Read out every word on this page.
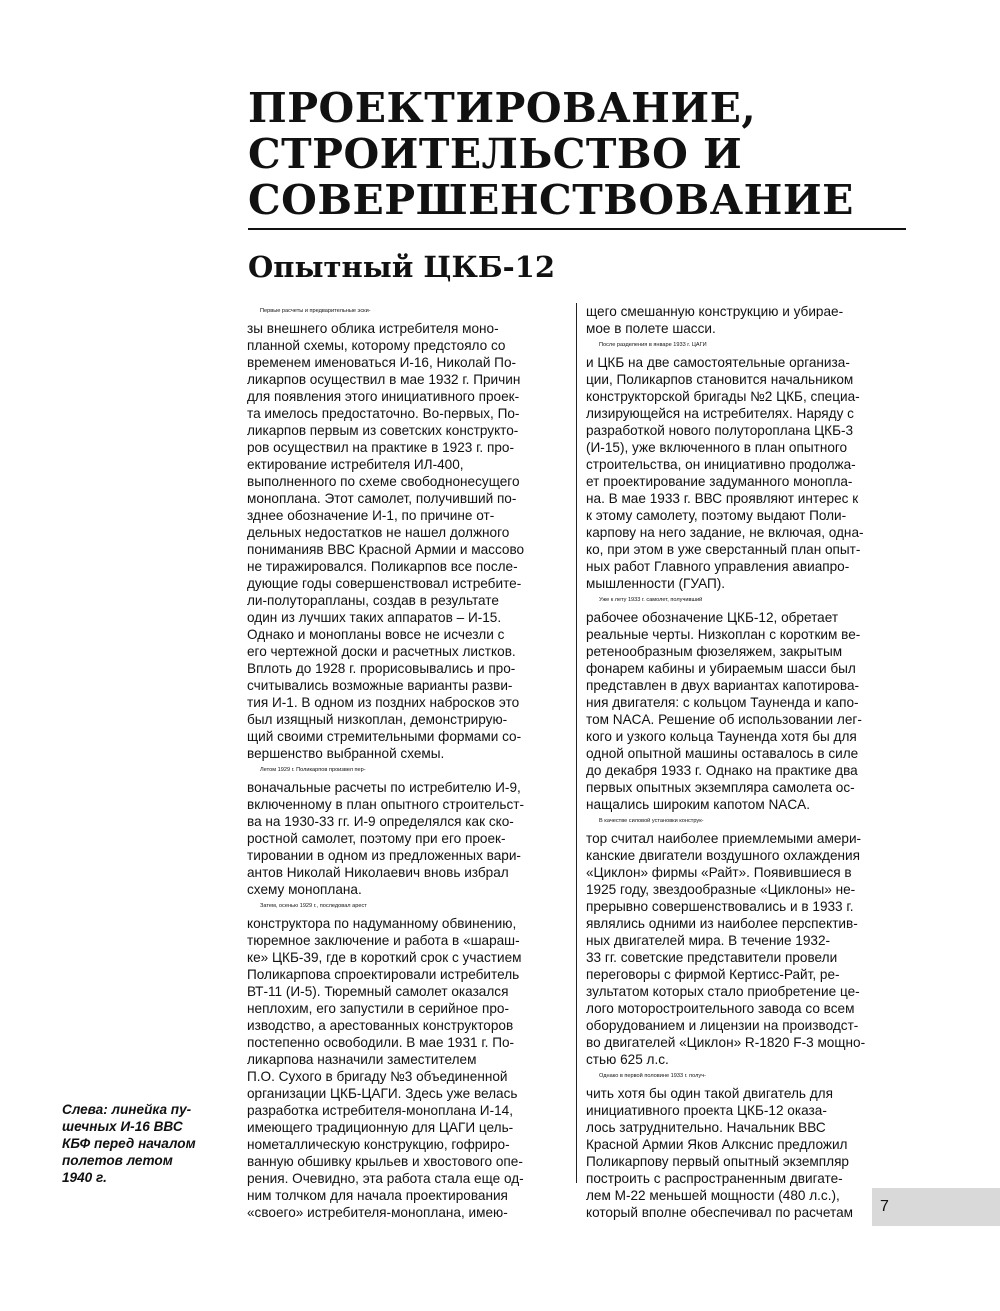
ПРОЕКТИРОВАНИЕ,
СТРОИТЕЛЬСТВО И
СОВЕРШЕНСТВОВАНИЕ
Опытный ЦКБ-12
Первые расчеты и предварительные эски-
зы внешнего облика истребителя моно-
планной схемы, которому предстояло со
временем именоваться И-16, Николай По-
ликарпов осуществил в мае 1932 г. Причин
для появления этого инициативного проек-
та имелось предостаточно. Во-первых, По-
ликарпов первым из советских конструкто-
ров осуществил на практике в 1923 г. про-
ектирование истребителя ИЛ-400,
выполненного по схеме свободнонесущего
моноплана. Этот самолет, получивший по-
зднее обозначение И-1, по причине от-
дельных недостатков не нашел должного
пониманияв ВВС Красной Армии и массово
не тиражировался. Поликарпов все после-
дующие годы совершенствовал истребите-
ли-полуторапланы, создав в результате
один из лучших таких аппаратов – И-15.
Однако и монопланы вовсе не исчезли с
его чертежной доски и расчетных листков.
Вплоть до 1928 г. прорисовывались и про-
считывались возможные варианты разви-
тия И-1. В одном из поздних набросков это
был изящный низкоплан, демонстрирую-
щий своими стремительными формами со-
вершенство выбранной схемы.
Летом 1929 г. Поликарпов произвел пер-
воначальные расчеты по истребителю И-9,
включенному в план опытного строительст-
ва на 1930-33 гг. И-9 определялся как ско-
ростной самолет, поэтому при его проек-
тировании в одном из предложенных вари-
антов Николай Николаевич вновь избрал
схему моноплана.
Затем, осенью 1929 г., последовал арест
конструктора по надуманному обвинению,
тюремное заключение и работа в «шараш-
ке» ЦКБ-39, где в короткий срок с участием
Поликарпова спроектировали истребитель
ВТ-11 (И-5). Тюремный самолет оказался
неплохим, его запустили в серийное про-
изводство, а арестованных конструкторов
постепенно освободили. В мае 1931 г. По-
ликарпова назначили заместителем
П.О. Сухого в бригаду №3 объединенной
организации ЦКБ-ЦАГИ. Здесь уже велась
разработка истребителя-моноплана И-14,
имеющего традиционную для ЦАГИ цель-
нометаллическую конструкцию, гофриро-
ванную обшивку крыльев и хвостового опе-
рения. Очевидно, эта работа стала еще од-
ним толчком для начала проектирования
«своего» истребителя-моноплана, имею-
щего смешанную конструкцию и убирае-
мое в полете шасси.
После разделения в январе 1933 г. ЦАГИ
и ЦКБ на две самостоятельные организа-
ции, Поликарпов становится начальником
конструкторской бригады №2 ЦКБ, специа-
лизирующейся на истребителях. Наряду с
разработкой нового полутороплана ЦКБ-3
(И-15), уже включенного в план опытного
строительства, он инициативно продолжа-
ет проектирование задуманного монопла-
на. В мае 1933 г. ВВС проявляют интерес к
к этому самолету, поэтому выдают Поли-
карпову на него задание, не включая, одна-
ко, при этом в уже сверстанный план опыт-
ных работ Главного управления авиапро-
мышленности (ГУАП).
Уже к лету 1933 г. самолет, получивший
рабочее обозначение ЦКБ-12, обретает
реальные черты. Низкоплан с коротким ве-
ретенообразным фюзеляжем, закрытым
фонарем кабины и убираемым шасси был
представлен в двух вариантах капотирова-
ния двигателя: с кольцом Тауненда и капо-
том NACA. Решение об использовании лег-
кого и узкого кольца Тауненда хотя бы для
одной опытной машины оставалось в силе
до декабря 1933 г. Однако на практике два
первых опытных экземпляра самолета ос-
нащались широким капотом NACA.
В качестве силовой установки конструк-
тор считал наиболее приемлемыми амери-
канские двигатели воздушного охлаждения
«Циклон» фирмы «Райт». Появившиеся в
1925 году, звездообразные «Циклоны» не-
прерывно совершенствовались и в 1933 г.
являлись одними из наиболее перспектив-
ных двигателей мира. В течение 1932-
33 гг. советские представители провели
переговоры с фирмой Кертисс-Райт, ре-
зультатом которых стало приобретение це-
лого моторостроительного завода со всем
оборудованием и лицензии на производст-
во двигателей «Циклон» R-1820 F-3 мощно-
стью 625 л.с.
Однако в первой половине 1933 г. получ-
чить хотя бы один такой двигатель для
инициативного проекта ЦКБ-12 оказа-
лось затруднительно. Начальник ВВС
Красной Армии Яков Алкснис предложил
Поликарпову первый опытный экземпляр
построить с распространенным двигате-
лем М-22 меньшей мощности (480 л.с.),
который вполне обеспечивал по расчетам
Слева: линейка пу-
шечных И-16 ВВС
КБФ перед началом
полетов летом
1940 г.
7
